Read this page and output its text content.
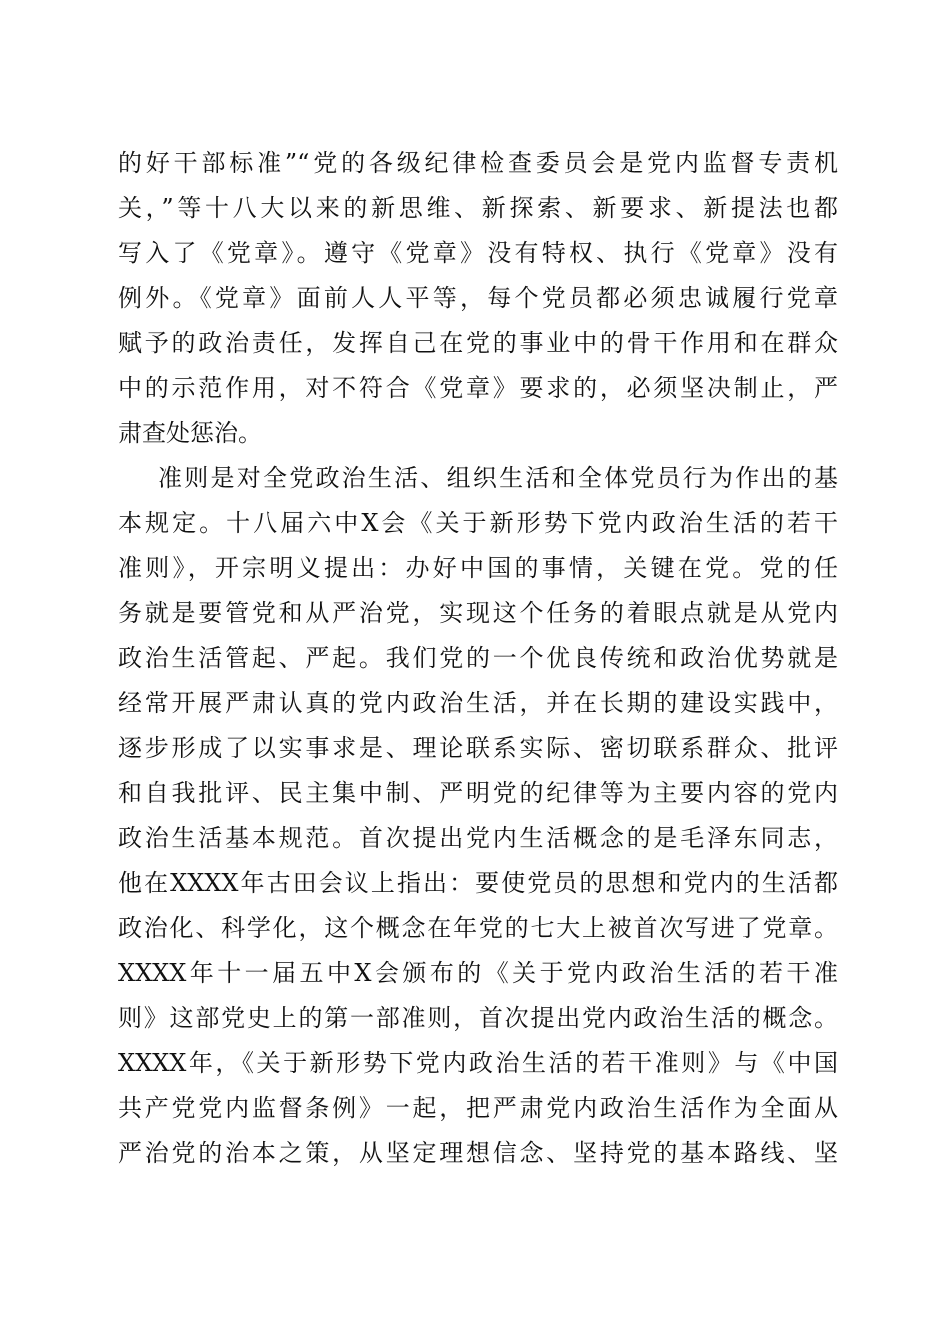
的好干部标准”“党的各级纪律检查委员会是党内监督专责机
关，”等十八大以来的新思维、新探索、新要求、新提法也都
写入了《党章》。遵守《党章》没有特权、执行《党章》没有
例外。《党章》面前人人平等，每个党员都必须忠诚履行党章
赋予的政治责任，发挥自己在党的事业中的骨干作用和在群众
中的示范作用，对不符合《党章》要求的，必须坚决制止，严
肃查处惩治。
准则是对全党政治生活、组织生活和全体党员行为作出的基
本规定。十八届六中X会《关于新形势下党内政治生活的若干
准则》，开宗明义提出：办好中国的事情，关键在党。党的任
务就是要管党和从严治党，实现这个任务的着眼点就是从党内
政治生活管起、严起。我们党的一个优良传统和政治优势就是
经常开展严肃认真的党内政治生活，并在长期的建设实践中，
逐步形成了以实事求是、理论联系实际、密切联系群众、批评
和自我批评、民主集中制、严明党的纪律等为主要内容的党内
政治生活基本规范。首次提出党内生活概念的是毛泽东同志，
他在XXXX年古田会议上指出：要使党员的思想和党内的生活都
政治化、科学化，这个概念在年党的七大上被首次写进了党章。
XXXX年十一届五中X会颁布的《关于党内政治生活的若干准
则》这部党史上的第一部准则，首次提出党内政治生活的概念。
XXXX年，《关于新形势下党内政治生活的若干准则》与《中国
共产党党内监督条例》一起，把严肃党内政治生活作为全面从
严治党的治本之策，从坚定理想信念、坚持党的基本路线、坚
